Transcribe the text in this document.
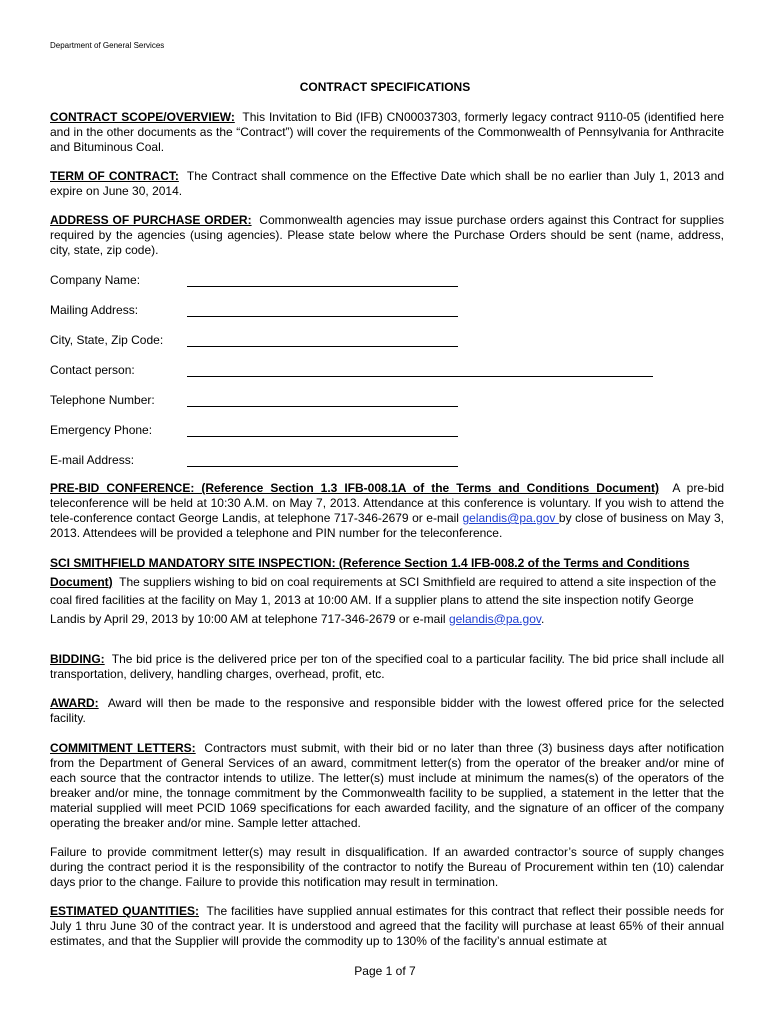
Department of General Services
CONTRACT SPECIFICATIONS

CONTRACT SCOPE/OVERVIEW: This Invitation to Bid (IFB) CN00037303, formerly legacy contract 9110-05 (identified here and in the other documents as the “Contract”) will cover the requirements of the Commonwealth of Pennsylvania for Anthracite and Bituminous Coal.

TERM OF CONTRACT: The Contract shall commence on the Effective Date which shall be no earlier than July 1, 2013 and expire on June 30, 2014.

ADDRESS OF PURCHASE ORDER: Commonwealth agencies may issue purchase orders against this Contract for supplies required by the agencies (using agencies). Please state below where the Purchase Orders should be sent (name, address, city, state, zip code).

Company Name:
Mailing Address:
City, State, Zip Code:
Contact person:
Telephone Number:
Emergency Phone:
E-mail Address:

PRE-BID CONFERENCE: (Reference Section 1.3 IFB-008.1A of the Terms and Conditions Document) A pre-bid teleconference will be held at 10:30 A.M. on May 7, 2013. Attendance at this conference is voluntary. If you wish to attend the tele-conference contact George Landis, at telephone 717-346-2679 or e-mail gelandis@pa.gov by close of business on May 3, 2013. Attendees will be provided a telephone and PIN number for the teleconference.

SCI SMITHFIELD MANDATORY SITE INSPECTION: (Reference Section 1.4 IFB-008.2 of the Terms and Conditions Document) The suppliers wishing to bid on coal requirements at SCI Smithfield are required to attend a site inspection of the coal fired facilities at the facility on May 1, 2013 at 10:00 AM. If a supplier plans to attend the site inspection notify George Landis by April 29, 2013 by 10:00 AM at telephone 717-346-2679 or e-mail gelandis@pa.gov.

BIDDING: The bid price is the delivered price per ton of the specified coal to a particular facility. The bid price shall include all transportation, delivery, handling charges, overhead, profit, etc.

AWARD: Award will then be made to the responsive and responsible bidder with the lowest offered price for the selected facility.

COMMITMENT LETTERS: Contractors must submit, with their bid or no later than three (3) business days after notification from the Department of General Services of an award, commitment letter(s) from the operator of the breaker and/or mine of each source that the contractor intends to utilize. The letter(s) must include at minimum the names(s) of the operators of the breaker and/or mine, the tonnage commitment by the Commonwealth facility to be supplied, a statement in the letter that the material supplied will meet PCID 1069 specifications for each awarded facility, and the signature of an officer of the company operating the breaker and/or mine. Sample letter attached.

Failure to provide commitment letter(s) may result in disqualification. If an awarded contractor’s source of supply changes during the contract period it is the responsibility of the contractor to notify the Bureau of Procurement within ten (10) calendar days prior to the change. Failure to provide this notification may result in termination.

ESTIMATED QUANTITIES: The facilities have supplied annual estimates for this contract that reflect their possible needs for July 1 thru June 30 of the contract year. It is understood and agreed that the facility will purchase at least 65% of their annual estimates, and that the Supplier will provide the commodity up to 130% of the facility’s annual estimate at

Page 1 of 7
